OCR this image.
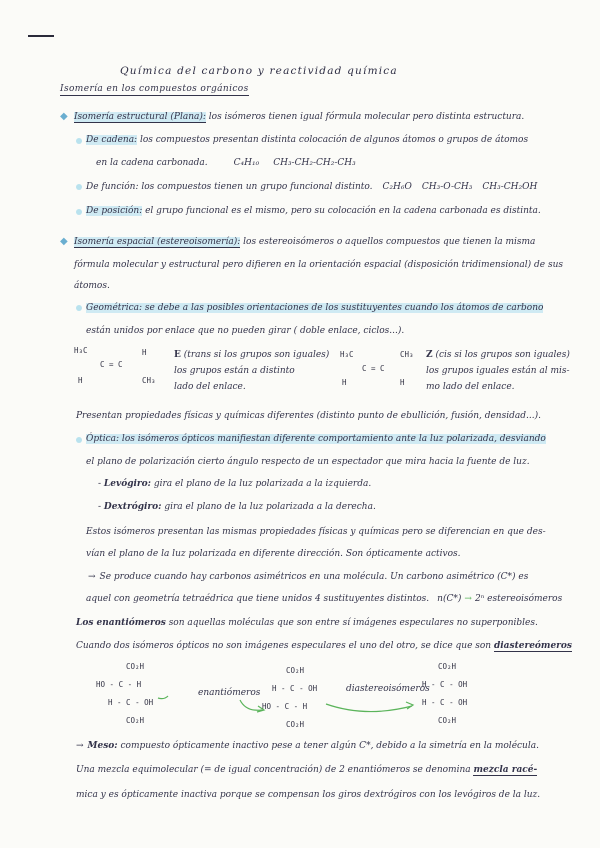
Química del carbono y reactividad química
Isomería en los compuestos orgánicos
◆ Isomería estructural (Plana): los isómeros tienen igual fórmula molecular pero distinta estructura.
De cadena: los compuestos presentan distinta colocación de algunos átomos o grupos de átomos
en la cadena carbonada.	C₄H₁₀ CH₃-CH₂-CH₂-CH₃
De función: los compuestos tienen un grupo funcional distinto. C₂H₆O CH₃-O-CH₃ CH₃-CH₂OH
De posición: el grupo funcional es el mismo, pero su colocación en la cadena carbonada es distinta.
◆ Isomería espacial (estereoisomería): los estereoisómeros o aquellos compuestos que tienen la misma
fórmula molecular y estructural pero difieren en la orientación espacial (disposición tridimensional) de sus
átomos.
Geométrica: se debe a las posibles orientaciones de los sustituyentes cuando los átomos de carbono
están unidos por enlace que no pueden girar ( doble enlace, ciclos...).

H₃C	H
C = C
H	CH₃
E (trans si los grupos son iguales)
los grupos están a distinto
lado del enlace.

H₃C	CH₃
C = C
H	H
Z (cis si los grupos son iguales)
los grupos iguales están al mis-
mo lado del enlace.
Presentan propiedades físicas y químicas diferentes (distinto punto de ebullición, fusión, densidad...).
Óptica: los isómeros ópticos manifiestan diferente comportamiento ante la luz polarizada, desviando
el plano de polarización cierto ángulo respecto de un espectador que mira hacia la fuente de luz.
- Levógiro: gira el plano de la luz polarizada a la izquierda.
- Dextrógiro: gira el plano de la luz polarizada a la derecha.
Estos isómeros presentan las mismas propiedades físicas y químicas pero se diferencian en que des-
vían el plano de la luz polarizada en diferente dirección. Son ópticamente activos.
→ Se produce cuando hay carbonos asimétricos en una molécula. Un carbono asimétrico (C*) es
aquel con geometría tetraédrica que tiene unidos 4 sustituyentes distintos. n(C*) → 2ⁿ estereoisómeros
Los enantiómeros son aquellas moléculas que son entre sí imágenes especulares no superponibles.
Cuando dos isómeros ópticos no son imágenes especulares el uno del otro, se dice que son diastereómeros

CO₂H
HO - C - H
H - C - OH
CO₂H
enantiómeros

CO₂H
H - C - OH
HO - C - H
CO₂H
diastereoisómeros

CO₂H
H - C - OH
H - C - OH
CO₂H
→ Meso: compuesto ópticamente inactivo pese a tener algún C*, debido a la simetría en la molécula.
Una mezcla equimolecular (= de igual concentración) de 2 enantiómeros se denomina mezcla racé-
mica y es ópticamente inactiva porque se compensan los giros dextrógiros con los levógiros de la luz.
